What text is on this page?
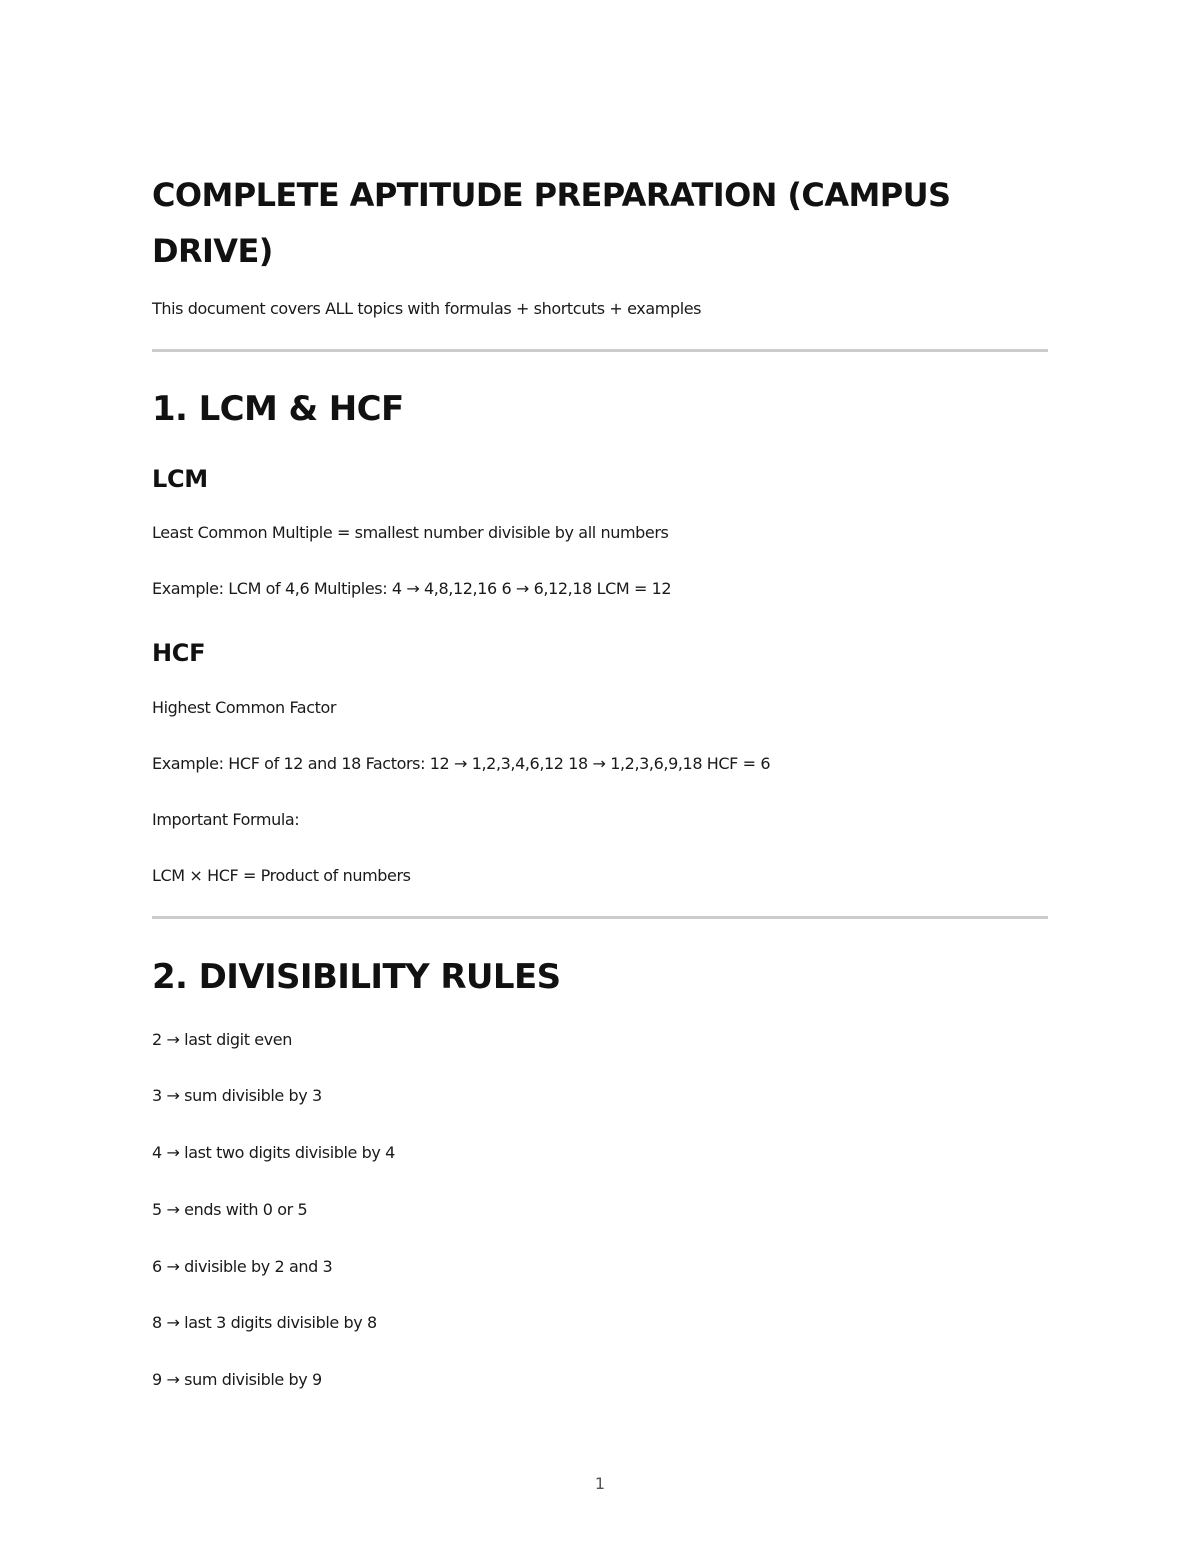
COMPLETE APTITUDE PREPARATION (CAMPUS DRIVE)

This document covers ALL topics with formulas + shortcuts + examples

1. LCM & HCF
LCM

Least Common Multiple = smallest number divisible by all numbers

Example: LCM of 4,6 Multiples: 4 → 4,8,12,16 6 → 6,12,18 LCM = 12

HCF

Highest Common Factor

Example: HCF of 12 and 18 Factors: 12 → 1,2,3,4,6,12 18 → 1,2,3,6,9,18 HCF = 6

Important Formula:

LCM × HCF = Product of numbers

2. DIVISIBILITY RULES

2 → last digit even

3 → sum divisible by 3

4 → last two digits divisible by 4

5 → ends with 0 or 5

6 → divisible by 2 and 3

8 → last 3 digits divisible by 8

9 → sum divisible by 9

1
